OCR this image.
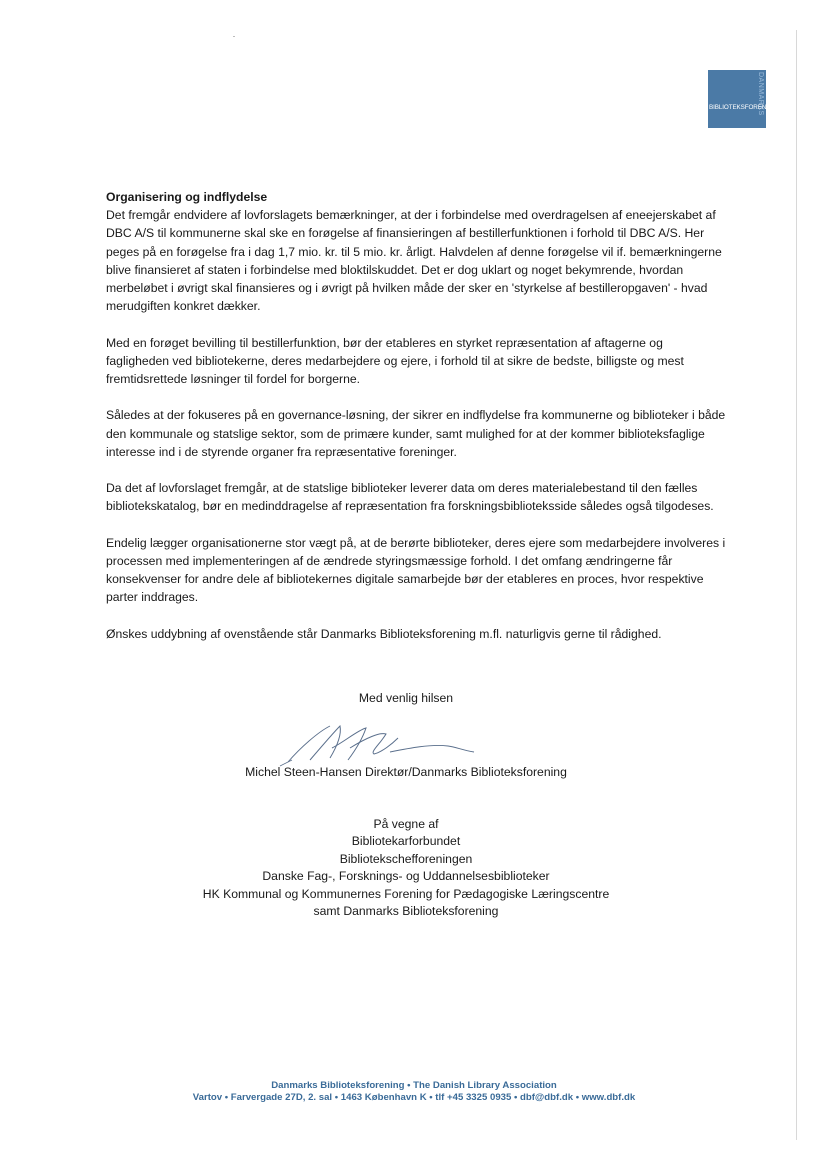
DANMARKS
BIBLIOTEKSFORENING
Organisering og indflydelse

Det fremgår endvidere af lovforslagets bemærkninger, at der i forbindelse med overdragelsen af eneejerskabet af DBC A/S til kommunerne skal ske en forøgelse af finansieringen af bestillerfunktionen i forhold til DBC A/S. Her peges på en forøgelse fra i dag 1,7 mio. kr. til 5 mio. kr. årligt. Halvdelen af denne forøgelse vil if. bemærkningerne blive finansieret af staten i forbindelse med bloktilskuddet. Det er dog uklart og noget bekymrende, hvordan merbeløbet i øvrigt skal finansieres og i øvrigt på hvilken måde der sker en 'styrkelse af bestilleropgaven' - hvad merudgiften konkret dækker.

Med en forøget bevilling til bestillerfunktion, bør der etableres en styrket repræsentation af aftagerne og fagligheden ved bibliotekerne, deres medarbejdere og ejere, i forhold til at sikre de bedste, billigste og mest fremtidsrettede løsninger til fordel for borgerne.

Således at der fokuseres på en governance-løsning, der sikrer en indflydelse fra kommunerne og biblioteker i både den kommunale og statslige sektor, som de primære kunder, samt mulighed for at der kommer biblioteksfaglige interesse ind i de styrende organer fra repræsentative foreninger.

Da det af lovforslaget fremgår, at de statslige biblioteker leverer data om deres materialebestand til den fælles bibliotekskatalog, bør en medinddragelse af repræsentation fra forskningsbiblioteksside således også tilgodeses.

Endelig lægger organisationerne stor vægt på, at de berørte biblioteker, deres ejere som medarbejdere involveres i processen med implementeringen af de ændrede styringsmæssige forhold. I det omfang ændringerne får konsekvenser for andre dele af bibliotekernes digitale samarbejde bør der etableres en proces, hvor respektive parter inddrages.

Ønskes uddybning af ovenstående står Danmarks Biblioteksforening m.fl. naturligvis gerne til rådighed.

Med venlig hilsen
Michel Steen-Hansen Direktør/Danmarks Biblioteksforening
På vegne af
Bibliotekarforbundet
Bibliotekschefforeningen
Danske Fag-, Forsknings- og Uddannelsesbiblioteker
HK Kommunal og Kommunernes Forening for Pædagogiske Læringscentre
samt Danmarks Biblioteksforening
Danmarks Biblioteksforening • The Danish Library Association
Vartov • Farvergade 27D, 2. sal • 1463 København K • tlf +45 3325 0935 • dbf@dbf.dk • www.dbf.dk
